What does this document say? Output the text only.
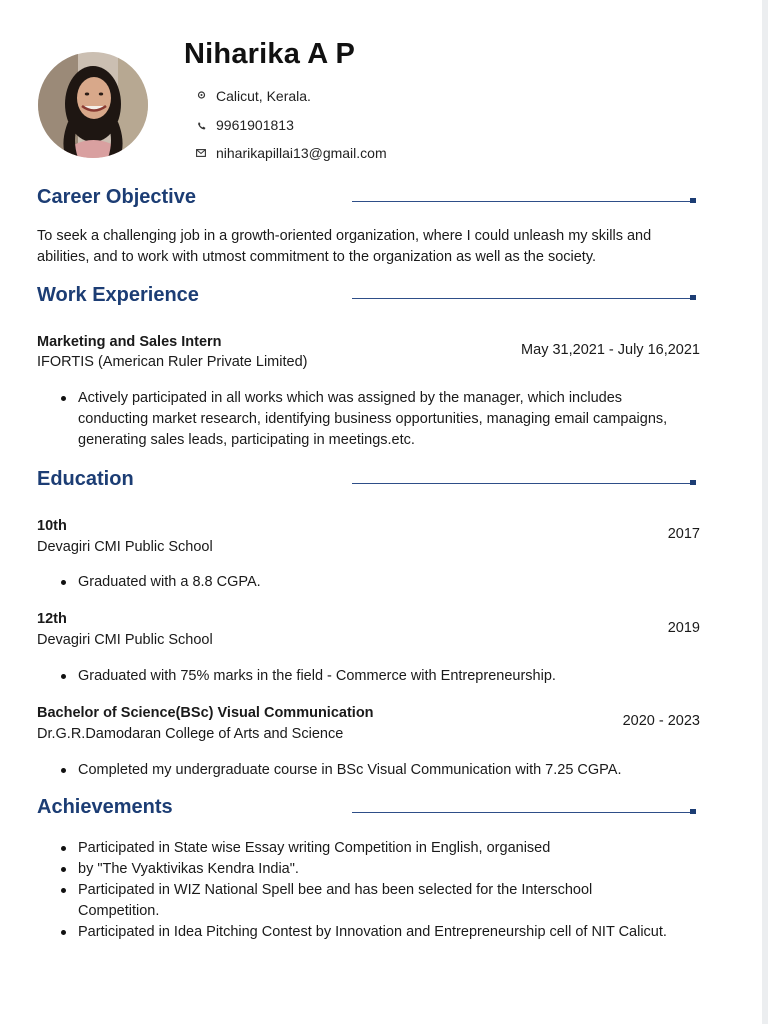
Niharika A P
Calicut, Kerala.
9961901813
niharikapillai13@gmail.com
Career Objective
To seek a challenging job in a growth-oriented organization, where I could unleash my skills and
abilities, and to work with utmost commitment to the organization as well as the society.
Work Experience
Marketing and Sales Intern
IFORTIS (American Ruler Private Limited)
May 31,2021 - July 16,2021
Actively participated in all works which was assigned by the manager, which includes conducting market research, identifying business opportunities, managing email campaigns, generating sales leads, participating in meetings.etc.
Education
10th
Devagiri CMI Public School
2017
Graduated with a 8.8 CGPA.
12th
Devagiri CMI Public School
2019
Graduated with 75% marks in the field - Commerce with Entrepreneurship.
Bachelor of Science(BSc) Visual Communication
Dr.G.R.Damodaran College of Arts and Science
2020 - 2023
Completed my undergraduate course in BSc Visual Communication with 7.25 CGPA.
Achievements
Participated in State wise Essay writing Competition in English, organised
by "The Vyaktivikas Kendra India".
Participated in WIZ National Spell bee and has been selected for the Interschool Competition.
Participated in Idea Pitching Contest by Innovation and Entrepreneurship cell of NIT Calicut.
